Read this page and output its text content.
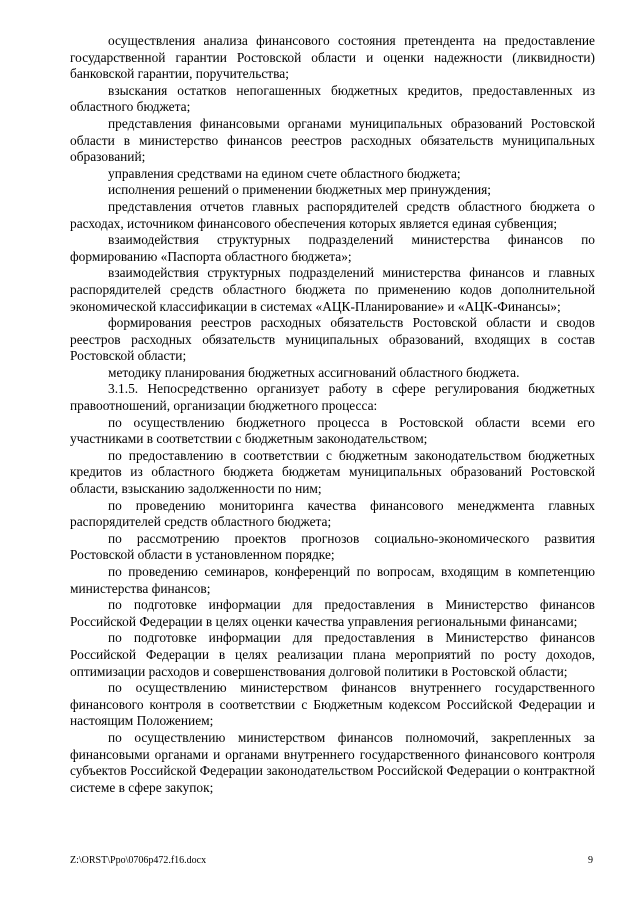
осуществления анализа финансового состояния претендента на предоставление государственной гарантии Ростовской области и оценки надежности (ликвидности) банковской гарантии, поручительства;

взыскания остатков непогашенных бюджетных кредитов, предоставленных из областного бюджета;

представления финансовыми органами муниципальных образований Ростовской области в министерство финансов реестров расходных обязательств муниципальных образований;

управления средствами на едином счете областного бюджета;

исполнения решений о применении бюджетных мер принуждения;

представления отчетов главных распорядителей средств областного бюджета о расходах, источником финансового обеспечения которых является единая субвенция;

взаимодействия структурных подразделений министерства финансов по формированию «Паспорта областного бюджета»;

взаимодействия структурных подразделений министерства финансов и главных распорядителей средств областного бюджета по применению кодов дополнительной экономической классификации в системах «АЦК-Планирование» и «АЦК-Финансы»;

формирования реестров расходных обязательств Ростовской области и сводов реестров расходных обязательств муниципальных образований, входящих в состав Ростовской области;

методику планирования бюджетных ассигнований областного бюджета.

3.1.5. Непосредственно организует работу в сфере регулирования бюджетных правоотношений, организации бюджетного процесса:

по осуществлению бюджетного процесса в Ростовской области всеми его участниками в соответствии с бюджетным законодательством;

по предоставлению в соответствии с бюджетным законодательством бюджетных кредитов из областного бюджета бюджетам муниципальных образований Ростовской области, взысканию задолженности по ним;

по проведению мониторинга качества финансового менеджмента главных распорядителей средств областного бюджета;

по рассмотрению проектов прогнозов социально-экономического развития Ростовской области в установленном порядке;

по проведению семинаров, конференций по вопросам, входящим в компетенцию министерства финансов;

по подготовке информации для предоставления в Министерство финансов Российской Федерации в целях оценки качества управления региональными финансами;

по подготовке информации для предоставления в Министерство финансов Российской Федерации в целях реализации плана мероприятий по росту доходов, оптимизации расходов и совершенствования долговой политики в Ростовской области;

по осуществлению министерством финансов внутреннего государственного финансового контроля в соответствии с Бюджетным кодексом Российской Федерации и настоящим Положением;

по осуществлению министерством финансов полномочий, закрепленных за финансовыми органами и органами внутреннего государственного финансового контроля субъектов Российской Федерации законодательством Российской Федерации о контрактной системе в сфере закупок;

Z:\ORST\Ppo\0706p472.f16.docx	9
